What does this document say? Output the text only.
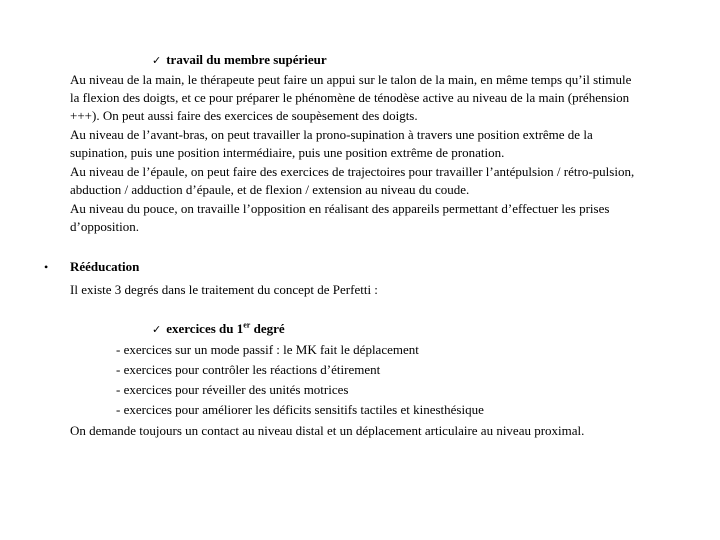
✓ travail du membre supérieur
Au niveau de la main, le thérapeute peut faire un appui sur le talon de la main, en même temps qu’il stimule
la flexion des doigts, et ce pour préparer le phénomène de ténodèse active au niveau de la main (préhension
+++). On peut aussi faire des exercices de soupèsement des doigts.
Au niveau de l’avant-bras, on peut travailler la prono-supination à travers une position extrême de la
supination, puis une position intermédiaire, puis une position extrême de pronation.
Au niveau de l’épaule, on peut faire des exercices de trajectoires pour travailler l’antépulsion / rétro-pulsion,
abduction / adduction d’épaule, et de flexion / extension au niveau du coude.
Au niveau du pouce, on travaille l’opposition en réalisant des appareils permettant d’effectuer les prises
d’opposition.
• Rééducation
Il existe 3 degrés dans le traitement du concept de Perfetti :
✓ exercices du 1er degré
- exercices sur un mode passif : le MK fait le déplacement
- exercices pour contrôler les réactions d’étirement
- exercices pour réveiller des unités motrices
- exercices pour améliorer les déficits sensitifs tactiles et kinesthésique
On demande toujours un contact au niveau distal et un déplacement articulaire au niveau proximal.
